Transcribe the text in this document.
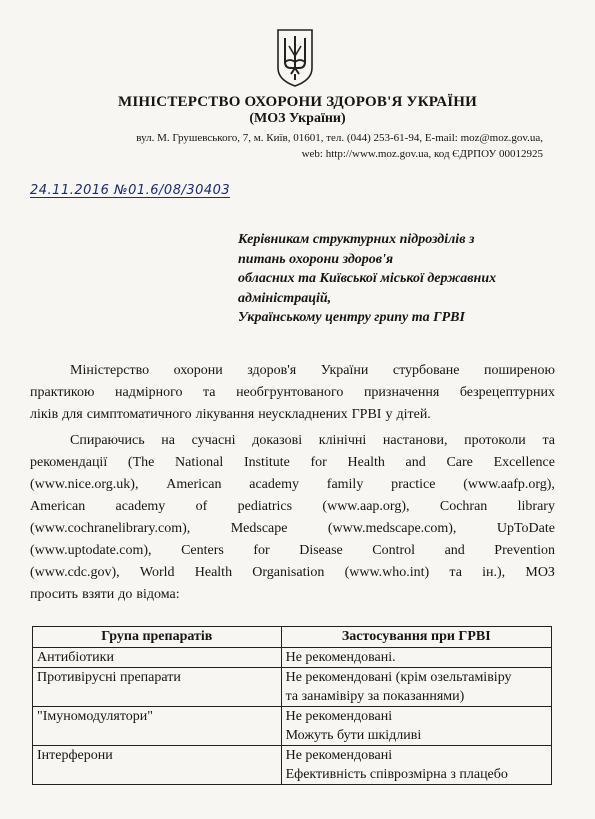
МІНІСТЕРСТВО ОХОРОНИ ЗДОРОВ'Я УКРАЇНИ
(МОЗ України)
вул. М. Грушевського, 7, м. Київ, 01601, тел. (044) 253-61-94, E-mail: moz@moz.gov.ua,
web: http://www.moz.gov.ua, код ЄДРПОУ 00012925
24.11.2016 №01.6/08/30403
Керівникам структурних підрозділів з
питань охорони здоров'я
обласних та Київської міської державних
адміністрацій,
Українському центру грипу та ГРВІ
Міністерство охорони здоров'я України стурбоване поширеною
практикою надмірного та необгрунтованого призначення безрецептурних
ліків для симптоматичного лікування неускладнених ГРВІ у дітей.
Спираючись на сучасні доказові клінічні настанови, протоколи та
рекомендації (The National Institute for Health and Care Excellence
(www.nice.org.uk), American academy family practice (www.aafp.org),
American academy of pediatrics (www.aap.org), Cochran library
(www.cochranelibrary.com),	Medscape	(www.medscape.com),	UpToDate
(www.uptodate.com), Centers for Disease Control and Prevention
(www.cdc.gov), World Health Organisation (www.who.int) та ін.), МОЗ
просить взяти до відома:
Група препаратів	Застосування при ГРВІ
Антибіотики	Не рекомендовані.

Противірусні препарати	Не рекомендовані (крім озельтамівіру
та занамівіру за показаннями)

"Імуномодулятори"	Не рекомендовані
Можуть бути шкідливі

Інтерферони	Не рекомендовані
Ефективність співрозмірна з плацебо
